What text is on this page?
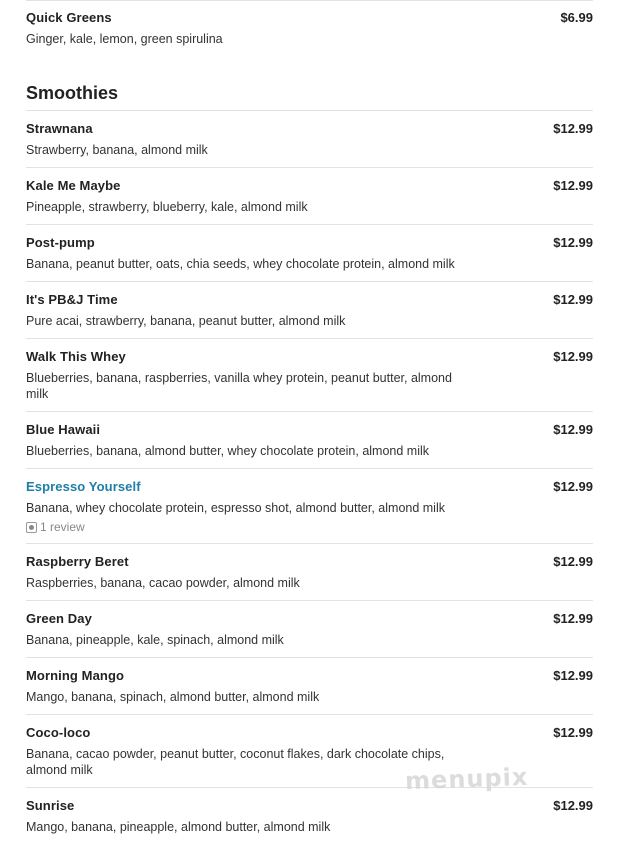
Quick Greens	$6.99
Ginger, kale, lemon, green spirulina
Smoothies
Strawnana	$12.99
Strawberry, banana, almond milk
Kale Me Maybe	$12.99
Pineapple, strawberry, blueberry, kale, almond milk
Post-pump	$12.99
Banana, peanut butter, oats, chia seeds, whey chocolate protein, almond milk
It's PB&J Time	$12.99
Pure acai, strawberry, banana, peanut butter, almond milk
Walk This Whey	$12.99
Blueberries, banana, raspberries, vanilla whey protein, peanut butter, almond milk
Blue Hawaii	$12.99
Blueberries, banana, almond butter, whey chocolate protein, almond milk
Espresso Yourself	$12.99
Banana, whey chocolate protein, espresso shot, almond butter, almond milk
1 review
Raspberry Beret	$12.99
Raspberries, banana, cacao powder, almond milk
Green Day	$12.99
Banana, pineapple, kale, spinach, almond milk
Morning Mango	$12.99
Mango, banana, spinach, almond butter, almond milk
Coco-loco	$12.99
Banana, cacao powder, peanut butter, coconut flakes, dark chocolate chips, almond milk
Sunrise	$12.99
Mango, banana, pineapple, almond butter, almond milk
menupix
